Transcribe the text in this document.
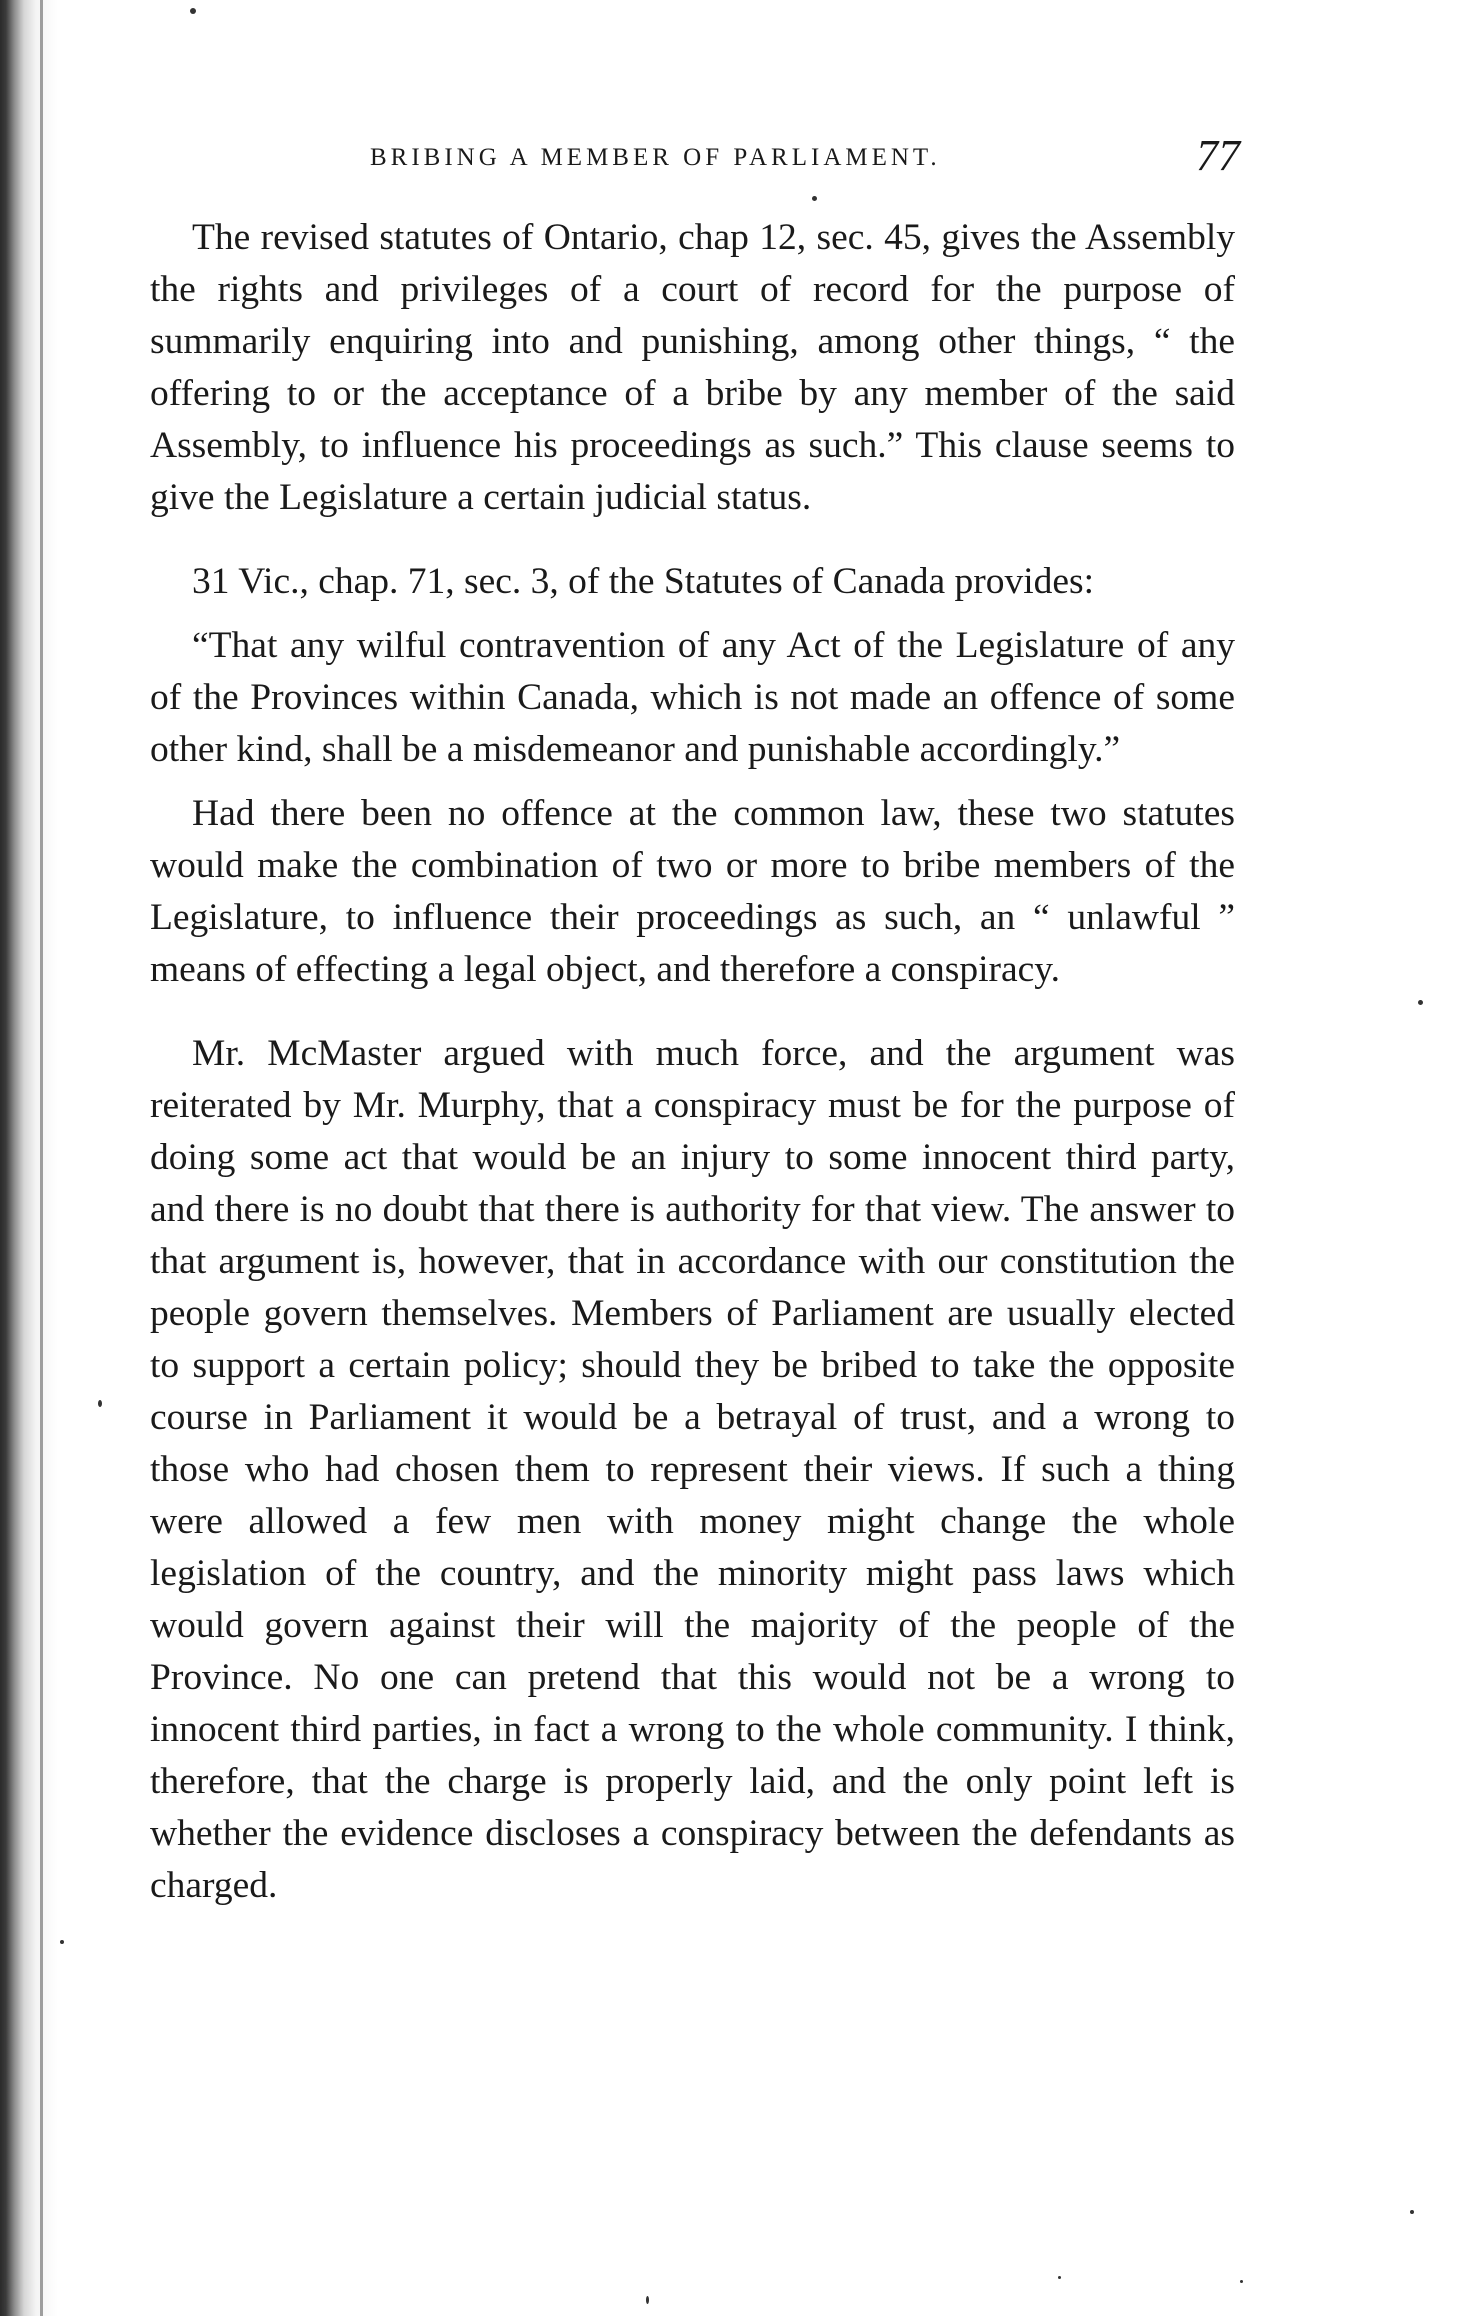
BRIBING A MEMBER OF PARLIAMENT.	77

The revised statutes of Ontario, chap 12, sec. 45, gives the Assembly the rights and privileges of a court of record for the purpose of summarily enquiring into and punishing, among other things, “ the offering to or the acceptance of a bribe by any member of the said Assembly, to influence his proceedings as such.” This clause seems to give the Legislature a certain judicial status.

31 Vic., chap. 71, sec. 3, of the Statutes of Canada provides:

“That any wilful contravention of any Act of the Legislature of any of the Provinces within Canada, which is not made an offence of some other kind, shall be a misdemeanor and punishable accordingly.”

Had there been no offence at the common law, these two statutes would make the combination of two or more to bribe members of the Legislature, to influence their proceedings as such, an “ unlawful ” means of effecting a legal object, and therefore a conspiracy.

Mr. McMaster argued with much force, and the argument was reiterated by Mr. Murphy, that a conspiracy must be for the purpose of doing some act that would be an injury to some innocent third party, and there is no doubt that there is authority for that view. The answer to that argument is, however, that in accordance with our constitution the people govern themselves. Members of Parliament are usually elected to support a certain policy; should they be bribed to take the opposite course in Parliament it would be a betrayal of trust, and a wrong to those who had chosen them to represent their views. If such a thing were allowed a few men with money might change the whole legislation of the country, and the minority might pass laws which would govern against their will the majority of the people of the Province. No one can pretend that this would not be a wrong to innocent third parties, in fact a wrong to the whole community. I think, therefore, that the charge is properly laid, and the only point left is whether the evidence discloses a conspiracy between the defendants as charged.
